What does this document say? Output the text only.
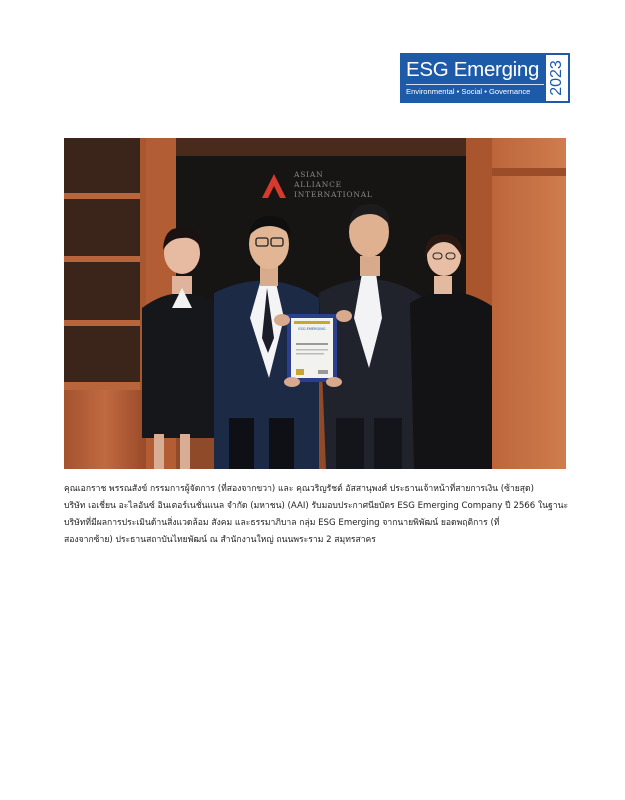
ESG Emerging
Environmental • Social • Governance 2023
ASIAN
ALLIANCE
INTERNATIONAL
ESG EMERGING

คุณเอกราช พรรณสังข์ กรรมการผู้จัดการ (ที่สองจากขวา) และ คุณวริญรัชต์ อัสสานุพงศ์ ประธานเจ้าหน้าที่สายการเงิน (ซ้ายสุด)

บริษัท เอเชี่ยน อะไลอันซ์ อินเตอร์เนชั่นแนล จำกัด (มหาชน) (AAI) รับมอบประกาศนียบัตร ESG Emerging Company ปี 2566 ในฐานะ

บริษัทที่มีผลการประเมินด้านสิ่งแวดล้อม สังคม และธรรมาภิบาล กลุ่ม ESG Emerging จากนายพิพัฒน์ ยอดพฤติการ (ที่

สองจากซ้าย) ประธานสถาบันไทยพัฒน์ ณ สำนักงานใหญ่ ถนนพระราม 2 สมุทรสาคร
